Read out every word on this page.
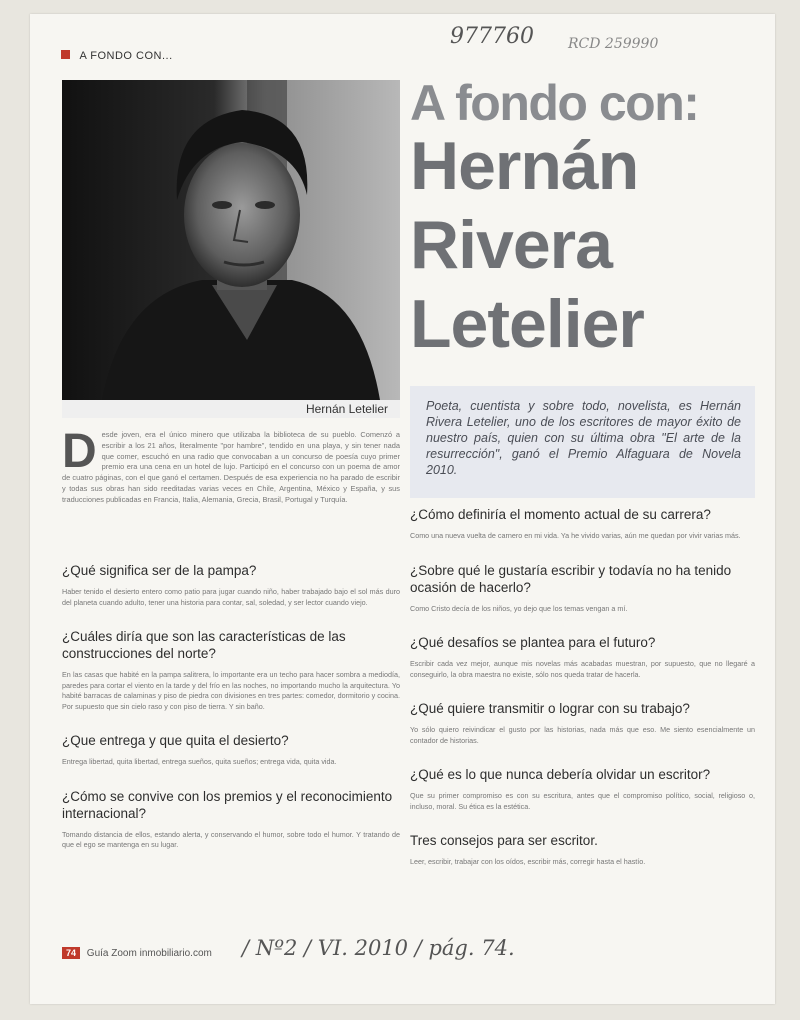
977760 RCD 259990
A FONDO CON...
Hernán Letelier
A fondo con:
Hernán
Rivera
Letelier
Poeta, cuentista y sobre todo, novelista, es Hernán Rivera Letelier, uno de los escritores de mayor éxito de nuestro país, quien con su última obra "El arte de la resurrección", ganó el Premio Alfaguara de Novela 2010.
D esde joven, era el único minero que utilizaba la biblioteca de su pueblo. Comenzó a escribir a los 21 años, literalmente "por hambre", tendido en una playa, y sin tener nada que comer, escuchó en una radio que convocaban a un concurso de poesía cuyo primer premio era una cena en un hotel de lujo. Participó en el concurso con un poema de amor de cuatro páginas, con el que ganó el certamen. Después de esa experiencia no ha parado de escribir y todas sus obras han sido reeditadas varias veces en Chile, Argentina, México y España, y sus traducciones publicadas en Francia, Italia, Alemania, Grecia, Brasil, Portugal y Turquía.
¿Qué significa ser de la pampa?
Haber tenido el desierto entero como patio para jugar cuando niño, haber trabajado bajo el sol más duro del planeta cuando adulto, tener una historia para contar, sal, soledad, y ser lector cuando viejo.
¿Cuáles diría que son las características de las construcciones del norte?
En las casas que habité en la pampa salitrera, lo importante era un techo para hacer sombra a mediodía, paredes para cortar el viento en la tarde y del frío en las noches, no importando mucho la arquitectura. Yo habité barracas de calaminas y piso de piedra con divisiones en tres partes: comedor, dormitorio y cocina. Por supuesto que sin cielo raso y con piso de tierra. Y sin baño.
¿Que entrega y que quita el desierto?
Entrega libertad, quita libertad, entrega sueños, quita sueños; entrega vida, quita vida.
¿Cómo se convive con los premios y el reconocimiento internacional?
Tomando distancia de ellos, estando alerta, y conservando el humor, sobre todo el humor. Y tratando de que el ego se mantenga en su lugar.
¿Cómo definiría el momento actual de su carrera?
Como una nueva vuelta de carnero en mi vida. Ya he vivido varias, aún me quedan por vivir varias más.
¿Sobre qué le gustaría escribir y todavía no ha tenido ocasión de hacerlo?
Como Cristo decía de los niños, yo dejo que los temas vengan a mí.
¿Qué desafíos se plantea para el futuro?
Escribir cada vez mejor, aunque mis novelas más acabadas muestran, por supuesto, que no llegaré a conseguirlo, la obra maestra no existe, sólo nos queda tratar de hacerla.
¿Qué quiere transmitir o lograr con su trabajo?
Yo sólo quiero reivindicar el gusto por las historias, nada más que eso. Me siento esencialmente un contador de historias.
¿Qué es lo que nunca debería olvidar un escritor?
Que su primer compromiso es con su escritura, antes que el compromiso político, social, religioso o, incluso, moral. Su ética es la estética.
Tres consejos para ser escritor.
Leer, escribir, trabajar con los oídos, escribir más, corregir hasta el hastío.
74 Guía Zoom inmobiliario.com / Nº2 / VI. 2010 / pág. 74.
